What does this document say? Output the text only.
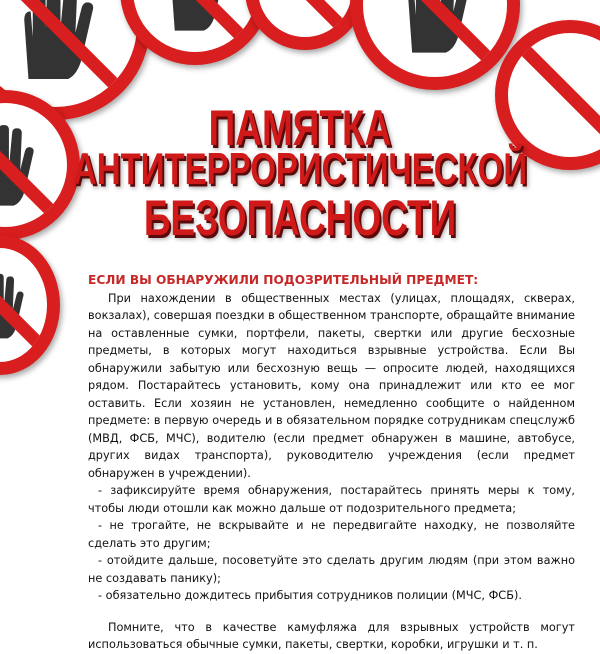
ПАМЯТКА
АНТИТЕРРОРИСТИЧЕСКОЙ
БЕЗОПАСНОСТИ

ЕСЛИ ВЫ ОБНАРУЖИЛИ ПОДОЗРИТЕЛЬНЫЙ ПРЕДМЕТ:

При нахождении в общественных местах (улицах, площадях, скверах, вокзалах), совершая поездки в общественном транспорте, обращайте внимание на оставленные сумки, портфели, пакеты, свертки или другие бесхозные предметы, в которых могут находиться взрывные устройства. Если Вы обнаружили забытую или бесхозную вещь — опросите людей, находящихся рядом. Постарайтесь установить, кому она принадлежит или кто ее мог оставить. Если хозяин не установлен, немедленно сообщите о найденном предмете: в первую очередь и в обязательном порядке сотрудникам спецслужб (МВД, ФСБ, МЧС), водителю (если предмет обнаружен в машине, автобусе, других видах транспорта), руководителю учреждения (если предмет обнаружен в учреждении).

- зафиксируйте время обнаружения, постарайтесь принять меры к тому, чтобы люди отошли как можно дальше от подозрительного предмета;

- не трогайте, не вскрывайте и не передвигайте находку, не позволяйте сделать это другим;

- отойдите дальше, посоветуйте это сделать другим людям (при этом важно не создавать панику);

- обязательно дождитесь прибытия сотрудников полиции (МЧС, ФСБ).

Помните, что в качестве камуфляжа для взрывных устройств могут использоваться обычные сумки, пакеты, свертки, коробки, игрушки и т. п.
